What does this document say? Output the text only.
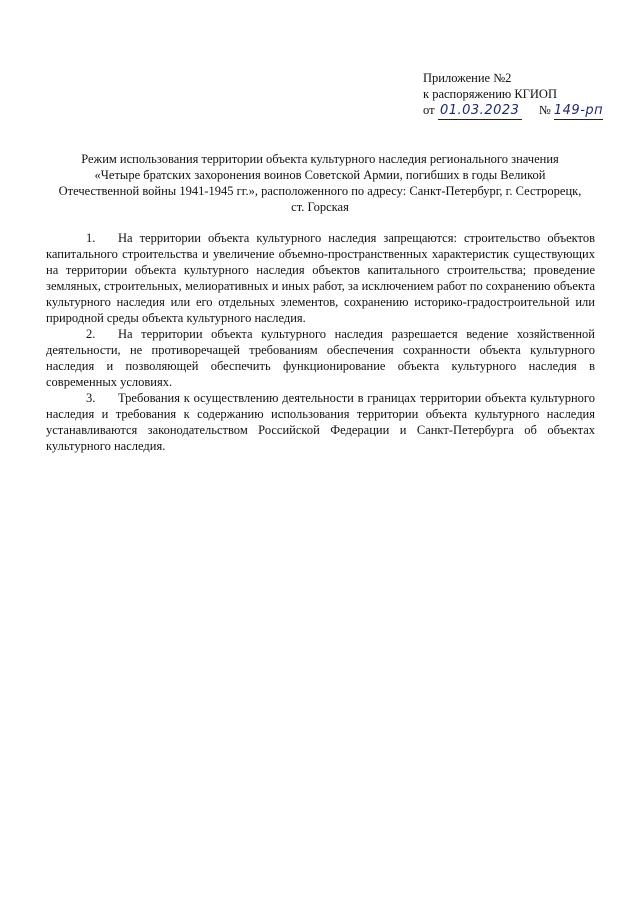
Приложение №2
к распоряжению КГИОП
от 01.03.2023 № 149-рп
Режим использования территории объекта культурного наследия регионального значения
«Четыре братских захоронения воинов Советской Армии, погибших в годы Великой
Отечественной войны 1941-1945 гг.», расположенного по адресу: Санкт-Петербург, г. Сестрорецк,
ст. Горская

1. На территории объекта культурного наследия запрещаются: строительство объектов капитального строительства и увеличение объемно-пространственных характеристик существующих на территории объекта культурного наследия объектов капитального строительства; проведение земляных, строительных, мелиоративных и иных работ, за исключением работ по сохранению объекта культурного наследия или его отдельных элементов, сохранению историко-градостроительной или природной среды объекта культурного наследия.

2. На территории объекта культурного наследия разрешается ведение хозяйственной деятельности, не противоречащей требованиям обеспечения сохранности объекта культурного наследия и позволяющей обеспечить функционирование объекта культурного наследия в современных условиях.

3. Требования к осуществлению деятельности в границах территории объекта культурного наследия и требования к содержанию использования территории объекта культурного наследия устанавливаются законодательством Российской Федерации и Санкт-Петербурга об объектах культурного наследия.
